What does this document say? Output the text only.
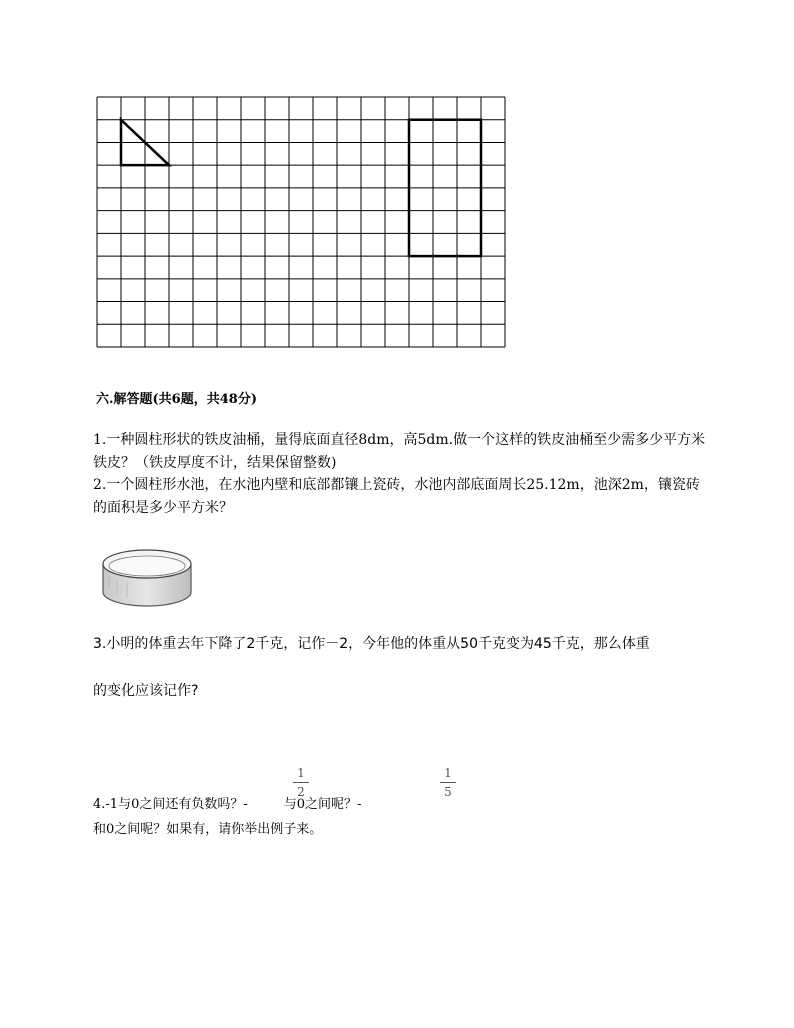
六.解答题(共6题，共48分)
1.一种圆柱形状的铁皮油桶，量得底面直径8dm，高5dm.做一个这样的铁皮油桶至少需多少平方米铁皮？（铁皮厚度不计，结果保留整数)
2.一个圆柱形水池，在水池内壁和底部都镶上瓷砖，水池内部底面周长25.12m，池深2m，镶瓷砖的面积是多少平方米？
3.小明的体重去年下降了2千克，记作－2，今年他的体重从50千克变为45千克，那么体重
的变化应该记作?
1
2
1
5
4.-1与0之间还有负数吗？-	与0之间呢？-
和0之间呢？如果有，请你举出例子来。
